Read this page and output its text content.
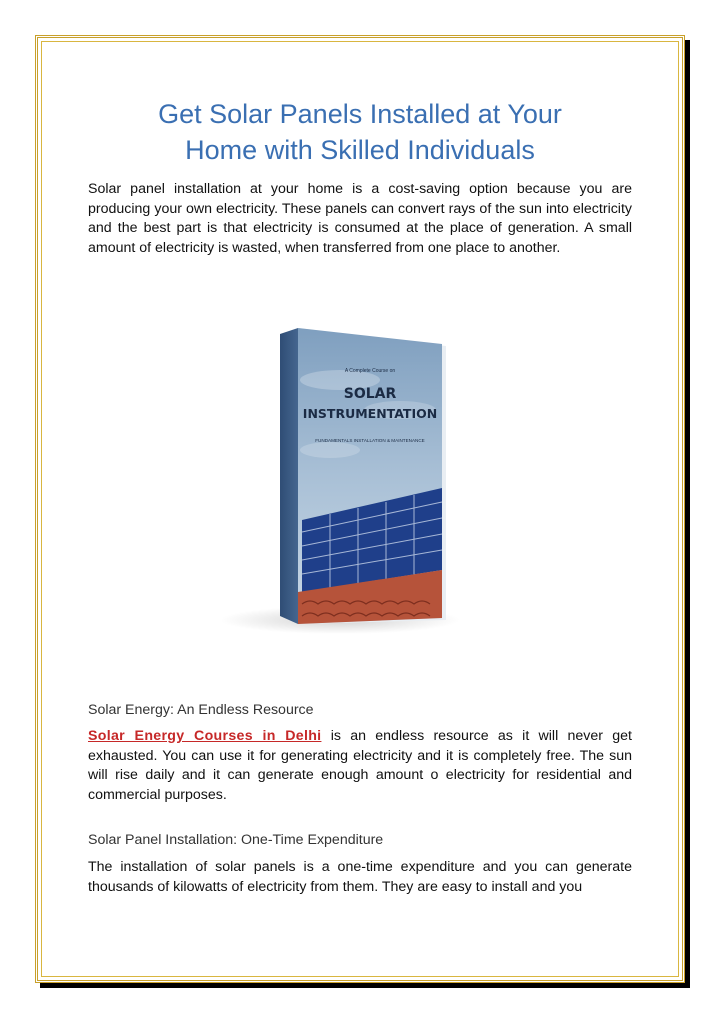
Get Solar Panels Installed at Your
Home with Skilled Individuals

Solar panel installation at your home is a cost-saving option because you are producing your own electricity. These panels can convert rays of the sun into electricity and the best part is that electricity is consumed at the place of generation. A small amount of electricity is wasted, when transferred from one place to another.

A Complete Course on
SOLAR
INSTRUMENTATION
FUNDAMENTALS INSTALLATION & MAINTENANCE

Solar Energy: An Endless Resource

Solar Energy Courses in Delhi is an endless resource as it will never get exhausted. You can use it for generating electricity and it is completely free. The sun will rise daily and it can generate enough amount o electricity for residential and commercial purposes.

Solar Panel Installation: One-Time Expenditure

The installation of solar panels is a one-time expenditure and you can generate thousands of kilowatts of electricity from them. They are easy to install and you
